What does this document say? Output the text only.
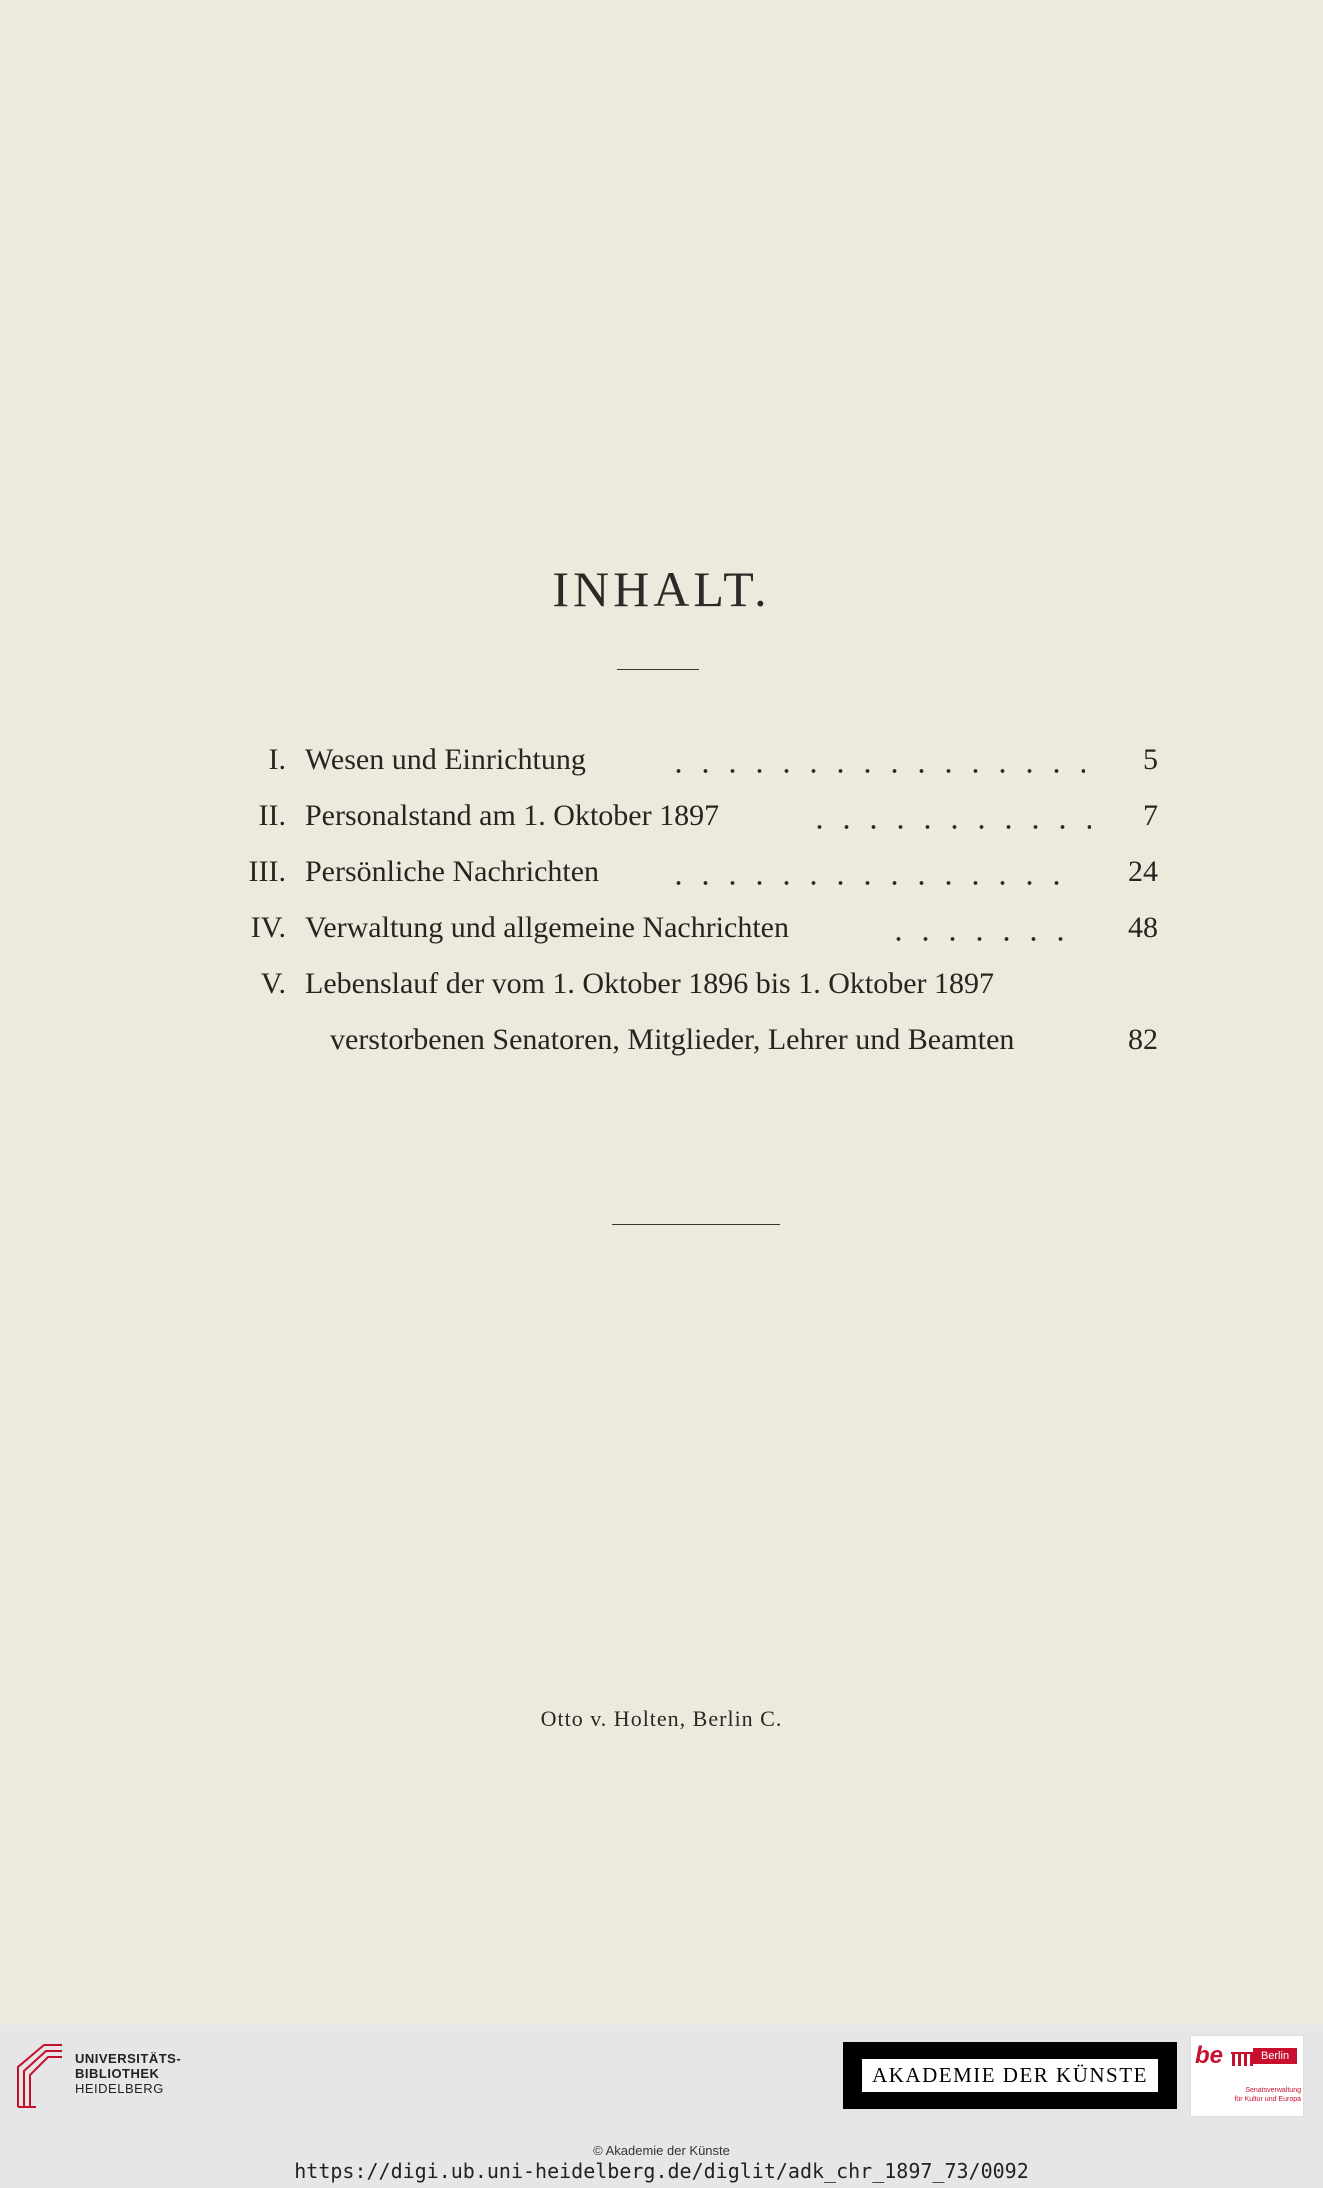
INHALT.
I. Wesen und Einrichtung	5
II. Personalstand am 1. Oktober 1897	7
III. Persönliche Nachrichten	24
IV. Verwaltung und allgemeine Nachrichten	48
V. Lebenslauf der vom 1. Oktober 1896 bis 1. Oktober 1897
verstorbenen Senatoren, Mitglieder, Lehrer und Beamten	82
Otto v. Holten, Berlin C.
UNIVERSITÄTS-
BIBLIOTHEK
HEIDELBERG
AKADEMIE DER KÜNSTE
be	Berlin
Senatsverwaltung
für Kultur und Europa
© Akademie der Künste
https://digi.ub.uni-heidelberg.de/diglit/adk_chr_1897_73/0092
